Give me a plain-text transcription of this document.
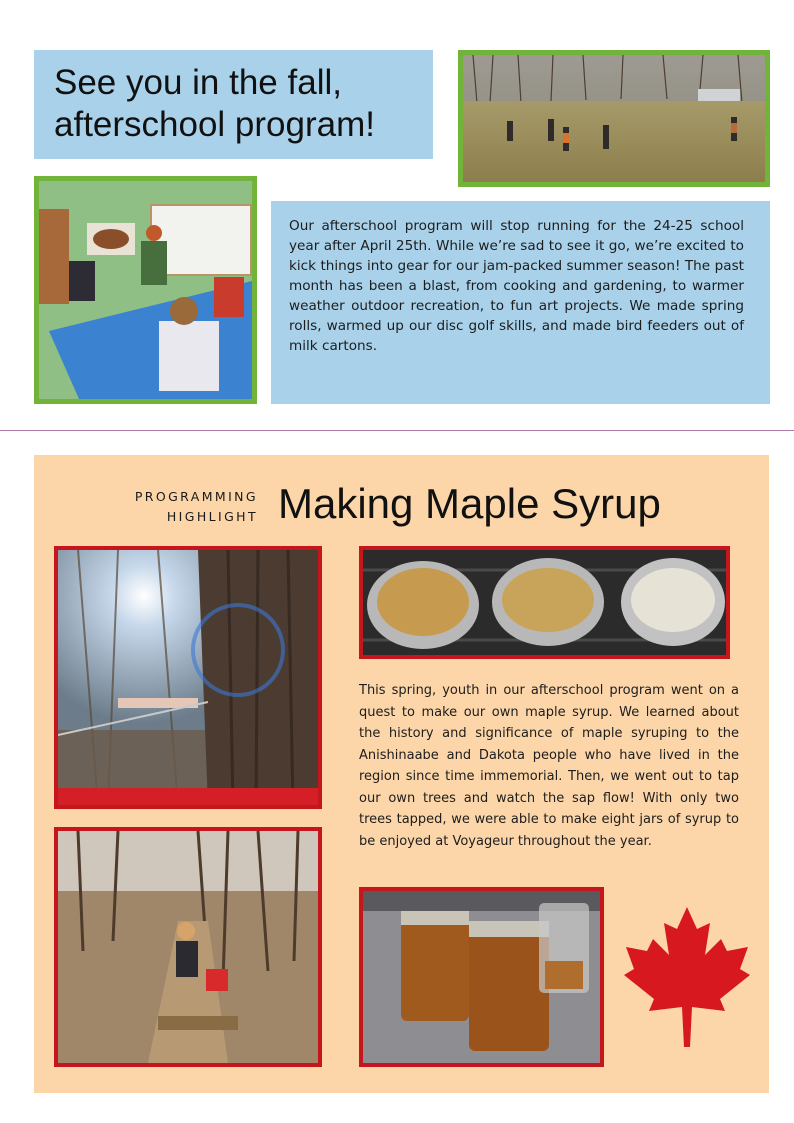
See you in the fall,
afterschool program!

Our afterschool program will stop running for the 24-25 school year after April 25th. While we’re sad to see it go, we’re excited to kick things into gear for our jam-packed summer season! The past month has been a blast, from cooking and gardening, to warmer weather outdoor recreation, to fun art projects. We made spring rolls, warmed up our disc golf skills, and made bird feeders out of milk cartons.

PROGRAMMING
HIGHLIGHT Making Maple Syrup
This spring, youth in our afterschool program went on a quest to make our own maple syrup. We learned about the history and significance of maple syruping to the Anishinaabe and Dakota people who have lived in the region since time immemorial. Then, we went out to tap our own trees and watch the sap flow! With only two trees tapped, we were able to make eight jars of syrup to be enjoyed at Voyageur throughout the year.
